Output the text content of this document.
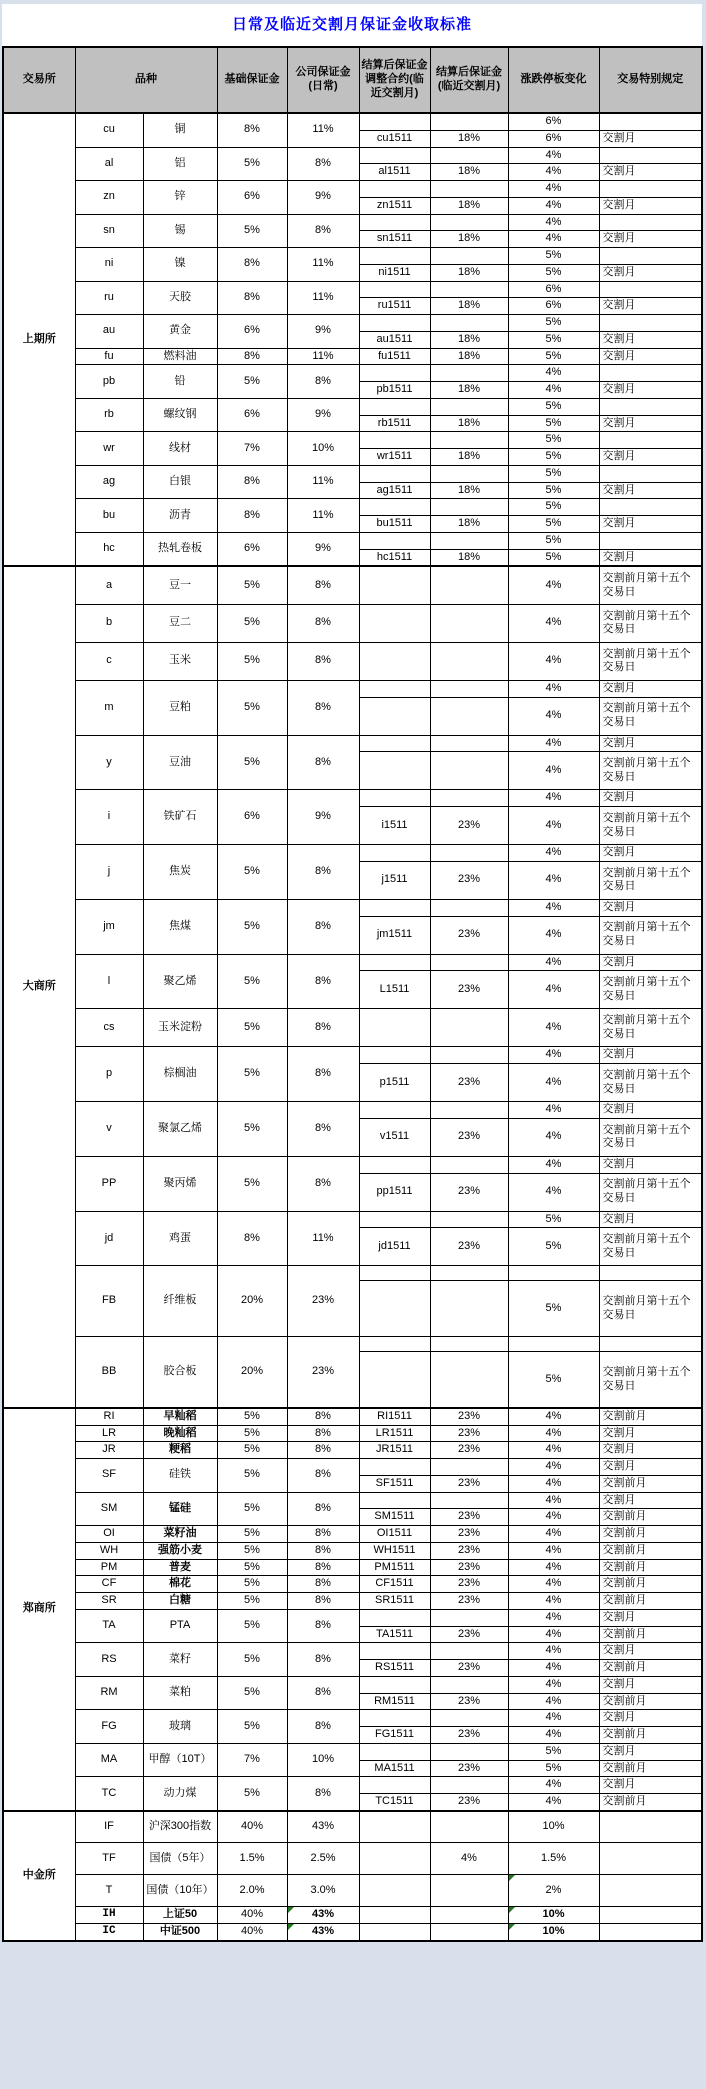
日常及临近交割月保证金收取标准
交易所	品种		基础保证金	公司保证金(日常)	结算后保证金调整合约(临近交割月)	结算后保证金(临近交割月)	涨跌停板变化	交易特别规定
上期所	cu	铜	8%	11%			6%	
					cu1511	18%	6%	交割月
	al	铝	5%	8%			4%	
					al1511	18%	4%	交割月
	zn	锌	6%	9%			4%	
					zn1511	18%	4%	交割月
	sn	锡	5%	8%			4%	
					sn1511	18%	4%	交割月
	ni	镍	8%	11%			5%	
					ni1511	18%	5%	交割月
	ru	天胶	8%	11%			6%	
					ru1511	18%	6%	交割月
	au	黄金	6%	9%			5%	
					au1511	18%	5%	交割月
	fu	燃料油	8%	11%	fu1511	18%	5%	交割月
	pb	铅	5%	8%			4%	
					pb1511	18%	4%	交割月
	rb	螺纹钢	6%	9%			5%	
					rb1511	18%	5%	交割月
	wr	线材	7%	10%			5%	
					wr1511	18%	5%	交割月
	ag	白银	8%	11%			5%	
					ag1511	18%	5%	交割月
	bu	沥青	8%	11%			5%	
					bu1511	18%	5%	交割月
	hc	热轧卷板	6%	9%			5%	
					hc1511	18%	5%	交割月
大商所	a	豆一	5%	8%			4%	交割前月第十五个交易日
	b	豆二	5%	8%			4%	交割前月第十五个交易日
	c	玉米	5%	8%			4%	交割前月第十五个交易日
	m	豆粕	5%	8%			4%	交割月
							4%	交割前月第十五个交易日
	y	豆油	5%	8%			4%	交割月
							4%	交割前月第十五个交易日
	i	铁矿石	6%	9%			4%	交割月
					i1511	23%	4%	交割前月第十五个交易日
	j	焦炭	5%	8%			4%	交割月
					j1511	23%	4%	交割前月第十五个交易日
	jm	焦煤	5%	8%			4%	交割月
					jm1511	23%	4%	交割前月第十五个交易日
	l	聚乙烯	5%	8%			4%	交割月
					L1511	23%	4%	交割前月第十五个交易日
	cs	玉米淀粉	5%	8%			4%	交割前月第十五个交易日
	p	棕榈油	5%	8%			4%	交割月
					p1511	23%	4%	交割前月第十五个交易日
	v	聚氯乙烯	5%	8%			4%	交割月
					v1511	23%	4%	交割前月第十五个交易日
	PP	聚丙烯	5%	8%			4%	交割月
					pp1511	23%	4%	交割前月第十五个交易日
	jd	鸡蛋	8%	11%			5%	交割月
					jd1511	23%	5%	交割前月第十五个交易日
	FB	纤维板	20%	23%				
							5%	交割前月第十五个交易日
	BB	胶合板	20%	23%				
							5%	交割前月第十五个交易日
郑商所	RI	早籼稻	5%	8%	RI1511	23%	4%	交割前月
	LR	晚籼稻	5%	8%	LR1511	23%	4%	交割月
	JR	粳稻	5%	8%	JR1511	23%	4%	交割月
	SF	硅铁	5%	8%			4%	交割月
					SF1511	23%	4%	交割前月
	SM	锰硅	5%	8%			4%	交割月
					SM1511	23%	4%	交割前月
	OI	菜籽油	5%	8%	OI1511	23%	4%	交割前月
	WH	强筋小麦	5%	8%	WH1511	23%	4%	交割前月
	PM	普麦	5%	8%	PM1511	23%	4%	交割前月
	CF	棉花	5%	8%	CF1511	23%	4%	交割前月
	SR	白糖	5%	8%	SR1511	23%	4%	交割前月
	TA	PTA	5%	8%			4%	交割月
					TA1511	23%	4%	交割前月
	RS	菜籽	5%	8%			4%	交割月
					RS1511	23%	4%	交割前月
	RM	菜粕	5%	8%			4%	交割月
					RM1511	23%	4%	交割前月
	FG	玻璃	5%	8%			4%	交割月
					FG1511	23%	4%	交割前月
	MA	甲醇（10T）	7%	10%			5%	交割月
					MA1511	23%	5%	交割前月
	TC	动力煤	5%	8%			4%	交割月
					TC1511	23%	4%	交割前月
中金所	IF	沪深300指数	40%	43%			10%	
	TF	国债（5年）	1.5%	2.5%		4%	1.5%	
	T	国债（10年）	2.0%	3.0%			2%

	IH	上证50	40%	43%			10%

	IC	中证500	40%	43%			10%
